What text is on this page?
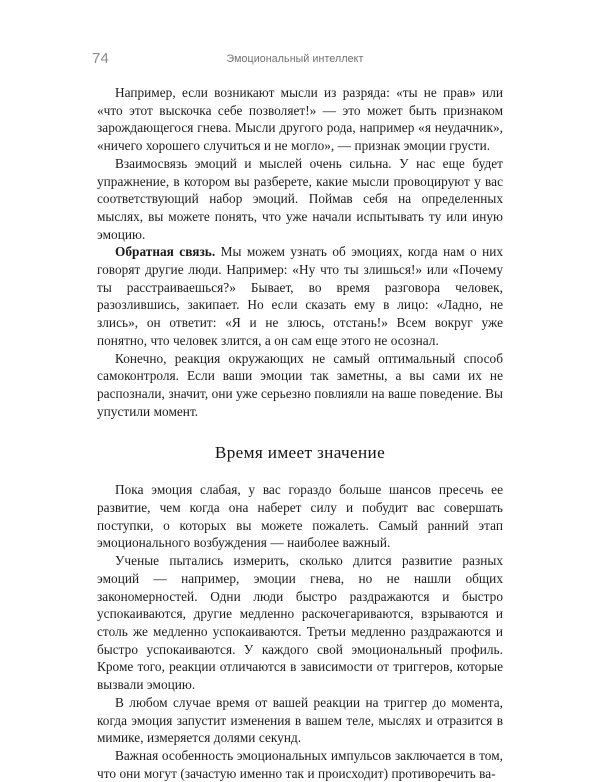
74	Эмоциональный интеллект

Например, если возникают мысли из разряда: «ты не прав» или «что этот выскочка себе позволяет!» — это может быть признаком зарождающегося гнева. Мысли другого рода, например «я неудачник», «ничего хорошего случиться и не могло», — признак эмоции грусти.

Взаимосвязь эмоций и мыслей очень сильна. У нас еще будет упражнение, в котором вы разберете, какие мысли провоцируют у вас соответствующий набор эмоций. Поймав себя на определенных мыслях, вы можете понять, что уже начали испытывать ту или иную эмоцию.

Обратная связь. Мы можем узнать об эмоциях, когда нам о них говорят другие люди. Например: «Ну что ты злишься!» или «Почему ты расстраиваешься?» Бывает, во время разговора человек, разозлившись, закипает. Но если сказать ему в лицо: «Ладно, не злись», он ответит: «Я и не злюсь, отстань!» Всем вокруг уже понятно, что человек злится, а он сам еще этого не осознал.

Конечно, реакция окружающих не самый оптимальный способ самоконтроля. Если ваши эмоции так заметны, а вы сами их не распознали, значит, они уже серьезно повлияли на ваше поведение. Вы упустили момент.

Время имеет значение

Пока эмоция слабая, у вас гораздо больше шансов пресечь ее развитие, чем когда она наберет силу и побудит вас совершать поступки, о которых вы можете пожалеть. Самый ранний этап эмоционального возбуждения — наиболее важный.

Ученые пытались измерить, сколько длится развитие разных эмоций — например, эмоции гнева, но не нашли общих закономерностей. Одни люди быстро раздражаются и быстро успокаиваются, другие медленно раскочегариваются, взрываются и столь же медленно успокаиваются. Третьи медленно раздражаются и быстро успокаиваются. У каждого свой эмоциональный профиль. Кроме того, реакции отличаются в зависимости от триггеров, которые вызвали эмоцию.

В любом случае время от вашей реакции на триггер до момента, когда эмоция запустит изменения в вашем теле, мыслях и отразится в мимике, измеряется долями секунд.

Важная особенность эмоциональных импульсов заключается в том, что они могут (зачастую именно так и происходит) противоречить ва-
